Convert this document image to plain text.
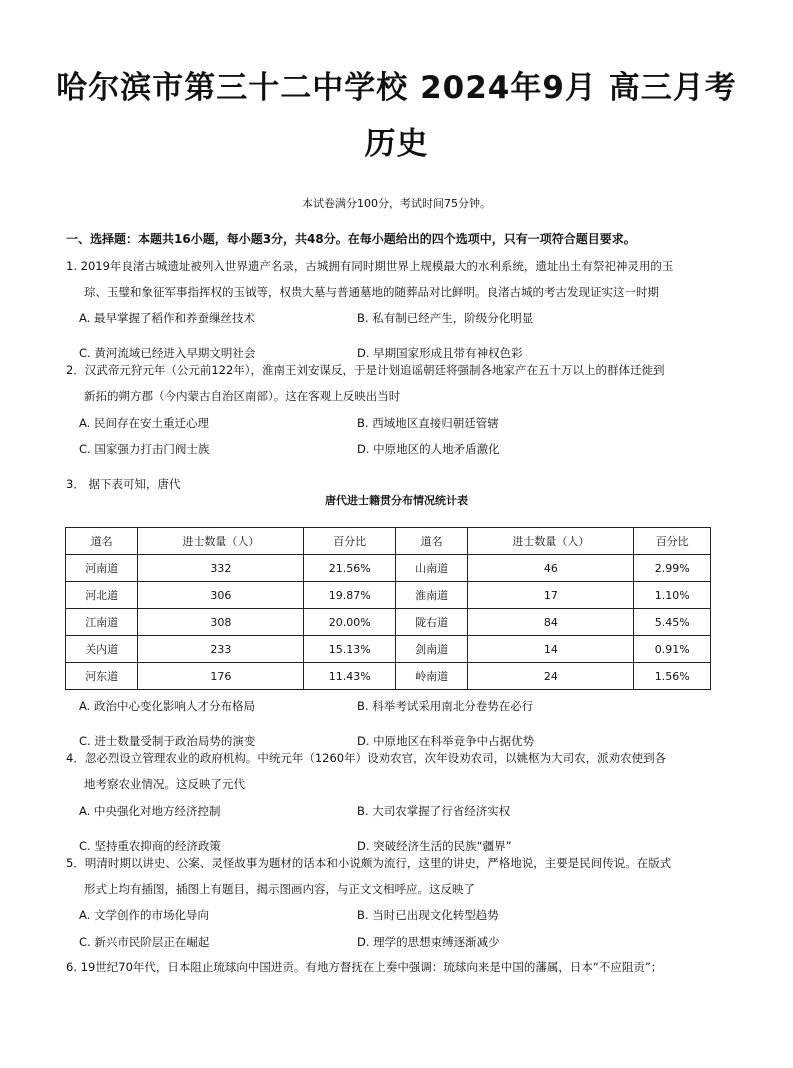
哈尔滨市第三十二中学校 2024年9月 高三月考
历史
本试卷满分100分，考试时间75分钟。
一、选择题：本题共16小题，每小题3分，共48分。在每小题给出的四个选项中，只有一项符合题目要求。
1. 2019年良渚古城遗址被列入世界遗产名录，古城拥有同时期世界上规模最大的水利系统，遗址出土有祭祀神灵用的玉
琮、玉璧和象征军事指挥权的玉钺等，权贵大墓与普通墓地的随葬品对比鲜明。良渚古城的考古发现证实这一时期
A. 最早掌握了稻作和养蚕缫丝技术	B. 私有制已经产生，阶级分化明显
C. 黄河流域已经进入早期文明社会	D. 早期国家形成且带有神权色彩
2．汉武帝元狩元年（公元前122年），淮南王刘安谋反，于是计划追谣朝廷将强制各地家产在五十万以上的群体迁徙到
新拓的朔方郡（今内蒙古自治区南部）。这在客观上反映出当时
A. 民间存在安土重迁心理	B. 西域地区直接归朝廷管辖
C. 国家强力打击门阀士族	D. 中原地区的人地矛盾激化
3． 据下表可知，唐代
唐代进士籍贯分布情况统计表
道名	进士数量（人）	百分比	道名	进士数量（人）	百分比
河南道	332	21.56%	山南道	46	2.99%
河北道	306	19.87%	淮南道	17	1.10%
江南道	308	20.00%	陇右道	84	5.45%
关内道	233	15.13%	剑南道	14	0.91%
河东道	176	11.43%	岭南道	24	1.56%
A. 政治中心变化影响人才分布格局	B. 科举考试采用南北分卷势在必行
C. 进士数量受制于政治局势的演变	D. 中原地区在科举竞争中占据优势
4．忽必烈设立管理农业的政府机构。中统元年（1260年）设劝农官，次年设劝农司，以姚枢为大司农，派劝农使到各
地考察农业情况。这反映了元代
A. 中央强化对地方经济控制	B. 大司农掌握了行省经济实权
C. 坚持重农抑商的经济政策	D. 突破经济生活的民族“疆界”
5．明清时期以讲史、公案、灵怪故事为题材的话本和小说颇为流行，这里的讲史，严格地说，主要是民间传说。在版式
形式上均有插图，插图上有题目，揭示图画内容，与正文文相呼应。这反映了
A. 文学创作的市场化导向	B. 当时已出现文化转型趋势
C. 新兴市民阶层正在崛起	D. 理学的思想束缚逐渐减少
6. 19世纪70年代，日本阻止琉球向中国进贡。有地方督抚在上奏中强调：琉球向来是中国的藩属，日本“不应阻贡”；
